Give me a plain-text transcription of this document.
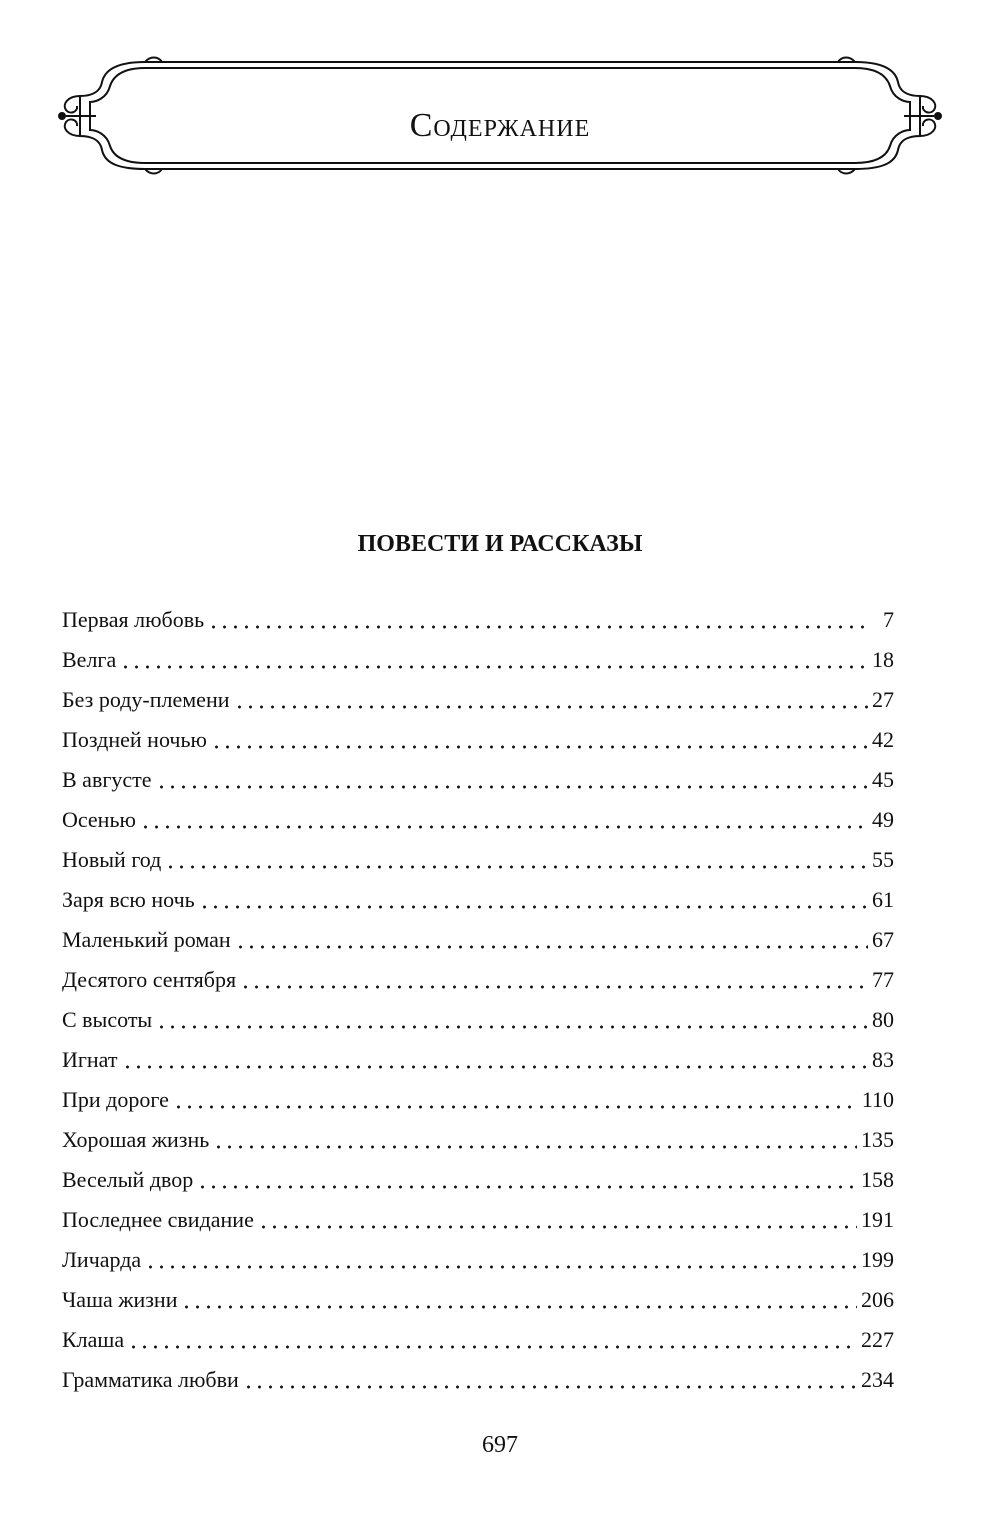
Содержание
ПОВЕСТИ И РАССКАЗЫ
Первая любовь	7
Велга	18
Без роду-племени	27
Поздней ночью	42
В августе	45
Осенью	49
Новый год	55
Заря всю ночь	61
Маленький роман	67
Десятого сентября	77
С высоты	80
Игнат	83
При дороге	110
Хорошая жизнь	135
Веселый двор	158
Последнее свидание	191
Личарда	199
Чаша жизни	206
Клаша	227
Грамматика любви	234
697
